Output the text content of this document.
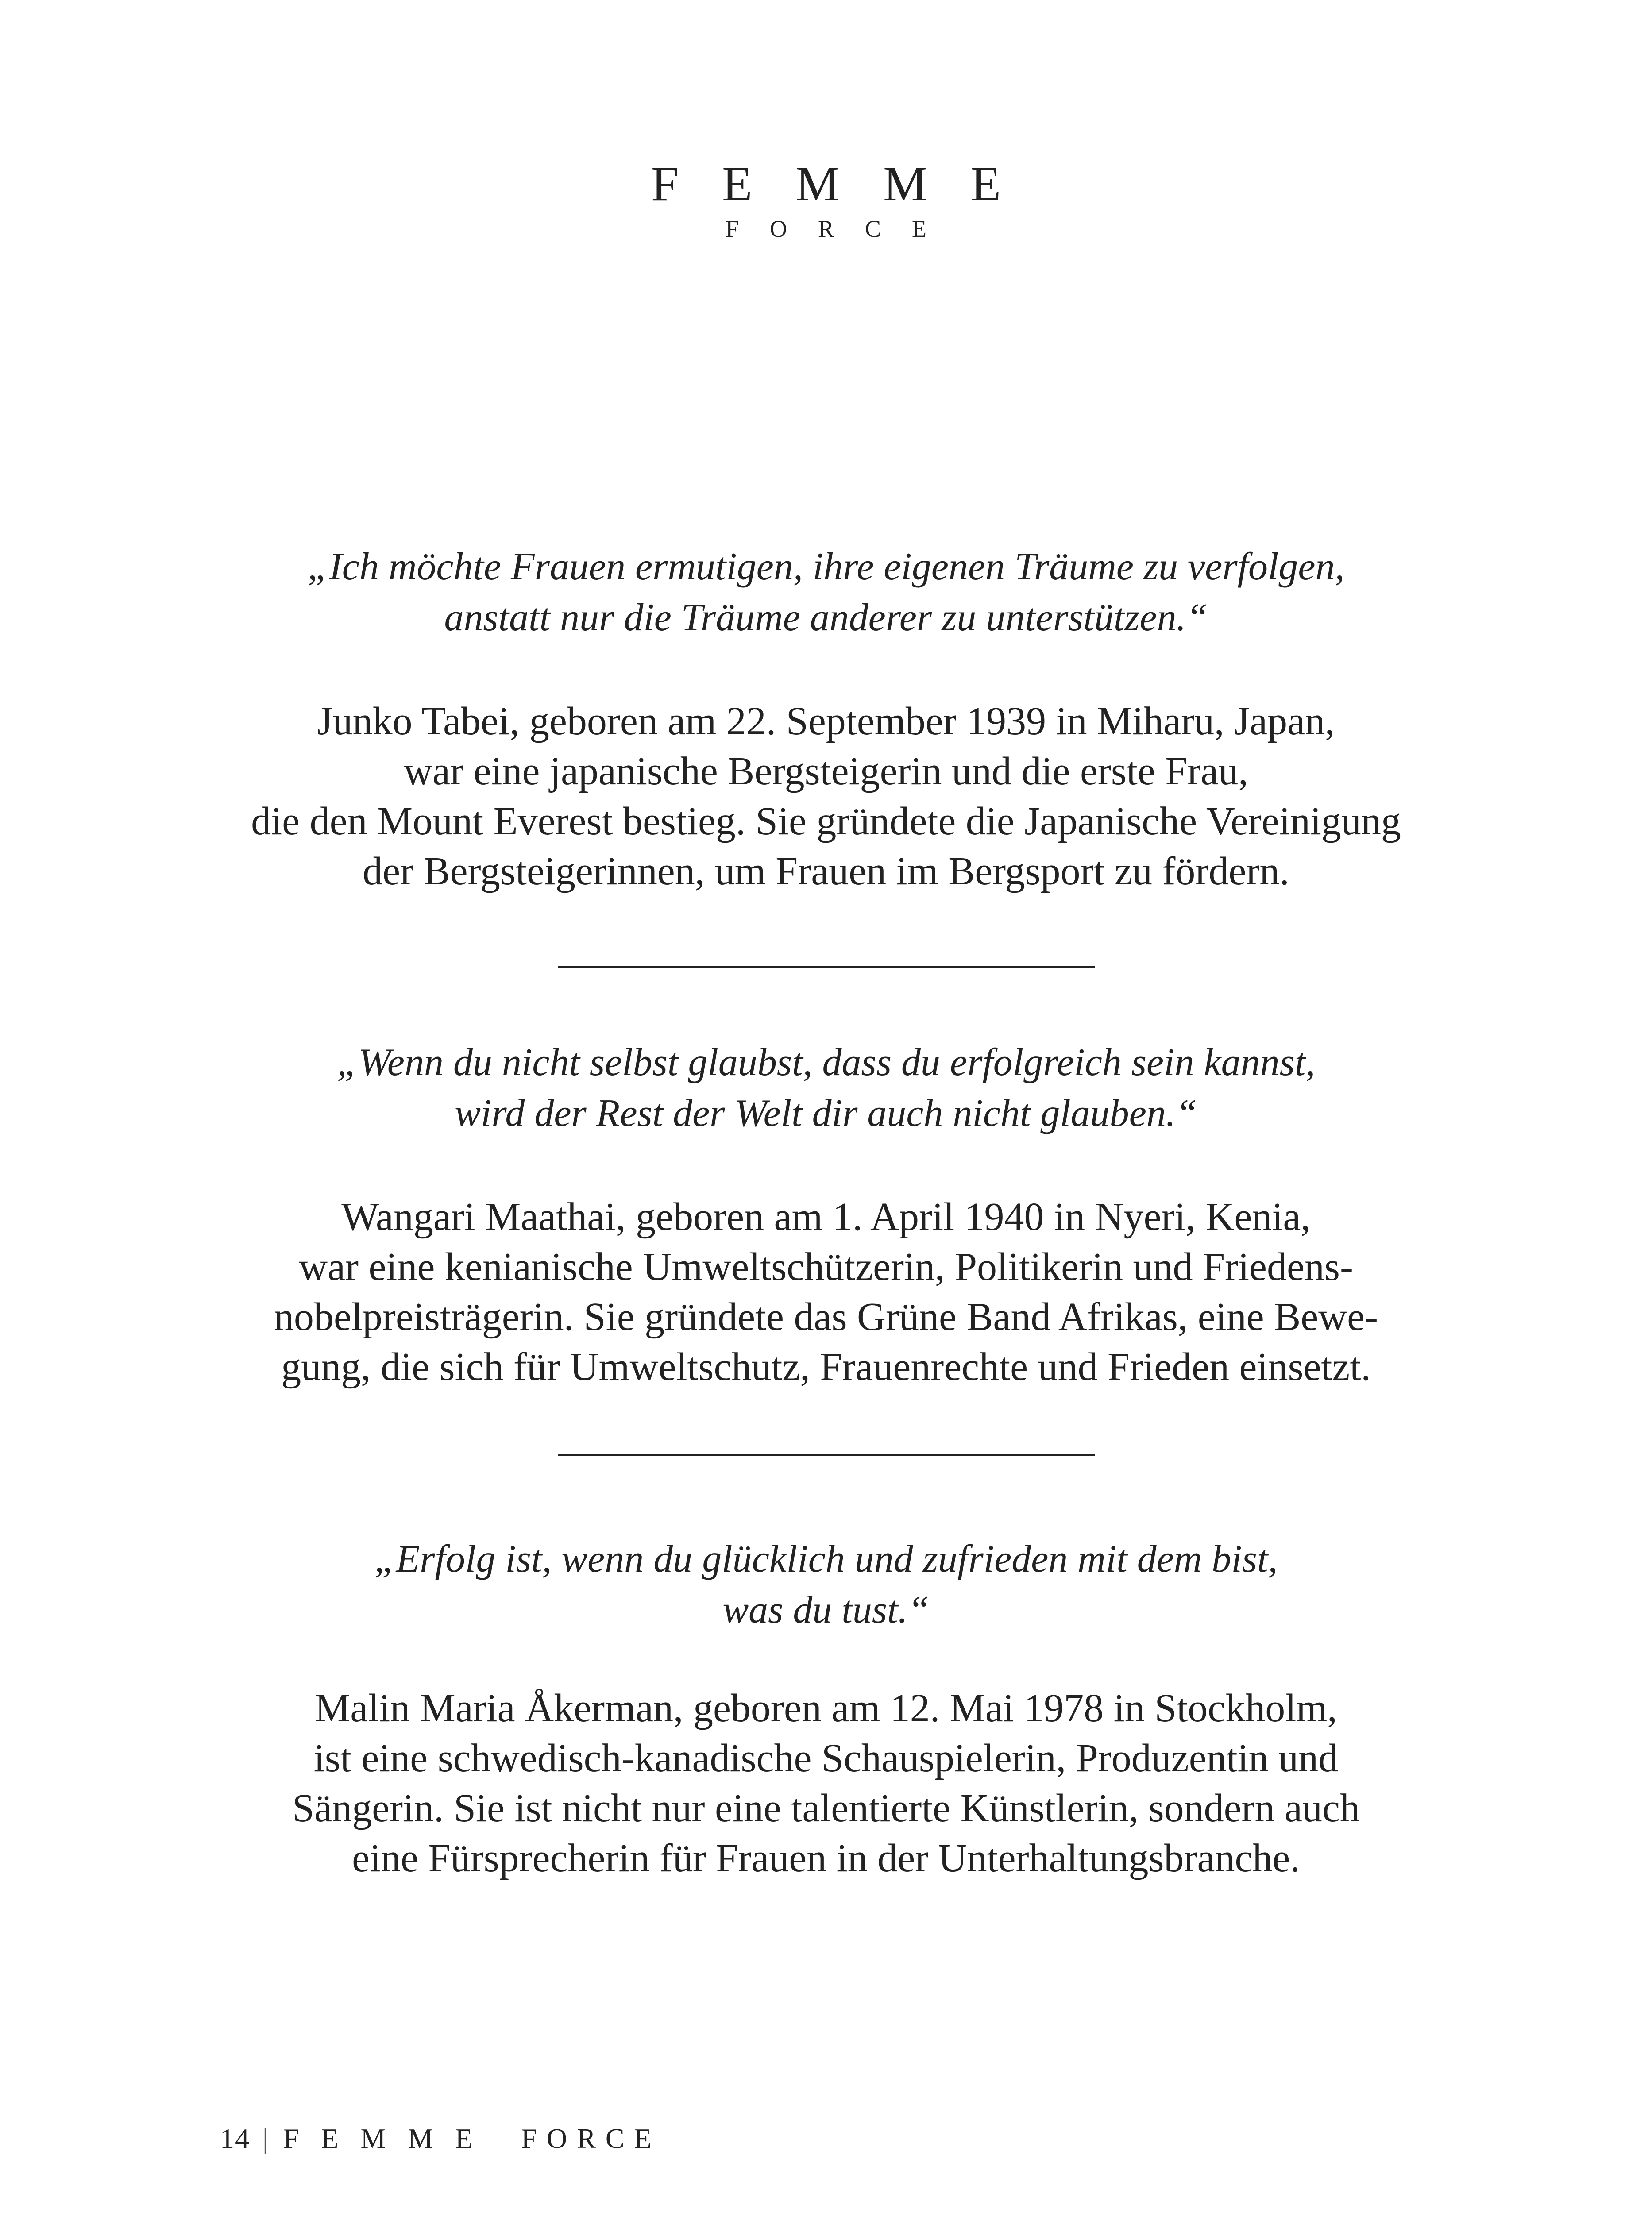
FEMME
FORCE

„Ich möchte Frauen ermutigen, ihre eigenen Träume zu verfolgen,
anstatt nur die Träume anderer zu unterstützen.“

Junko Tabei, geboren am 22. September 1939 in Miharu, Japan,
war eine japanische Bergsteigerin und die erste Frau,
die den Mount Everest bestieg. Sie gründete die Japanische Vereinigung
der Bergsteigerinnen, um Frauen im Bergsport zu fördern.

„Wenn du nicht selbst glaubst, dass du erfolgreich sein kannst,
wird der Rest der Welt dir auch nicht glauben.“

Wangari Maathai, geboren am 1. April 1940 in Nyeri, Kenia,
war eine kenianische Umweltschützerin, Politikerin und Friedens-
nobelpreisträgerin. Sie gründete das Grüne Band Afrikas, eine Bewe-
gung, die sich für Umweltschutz, Frauenrechte und Frieden einsetzt.

„Erfolg ist, wenn du glücklich und zufrieden mit dem bist,
was du tust.“

Malin Maria Åkerman, geboren am 12. Mai 1978 in Stockholm,
ist eine schwedisch-kanadische Schauspielerin, Produzentin und
Sängerin. Sie ist nicht nur eine talentierte Künstlerin, sondern auch
eine Fürsprecherin für Frauen in der Unterhaltungsbranche.

14 | FEMME FORCE
